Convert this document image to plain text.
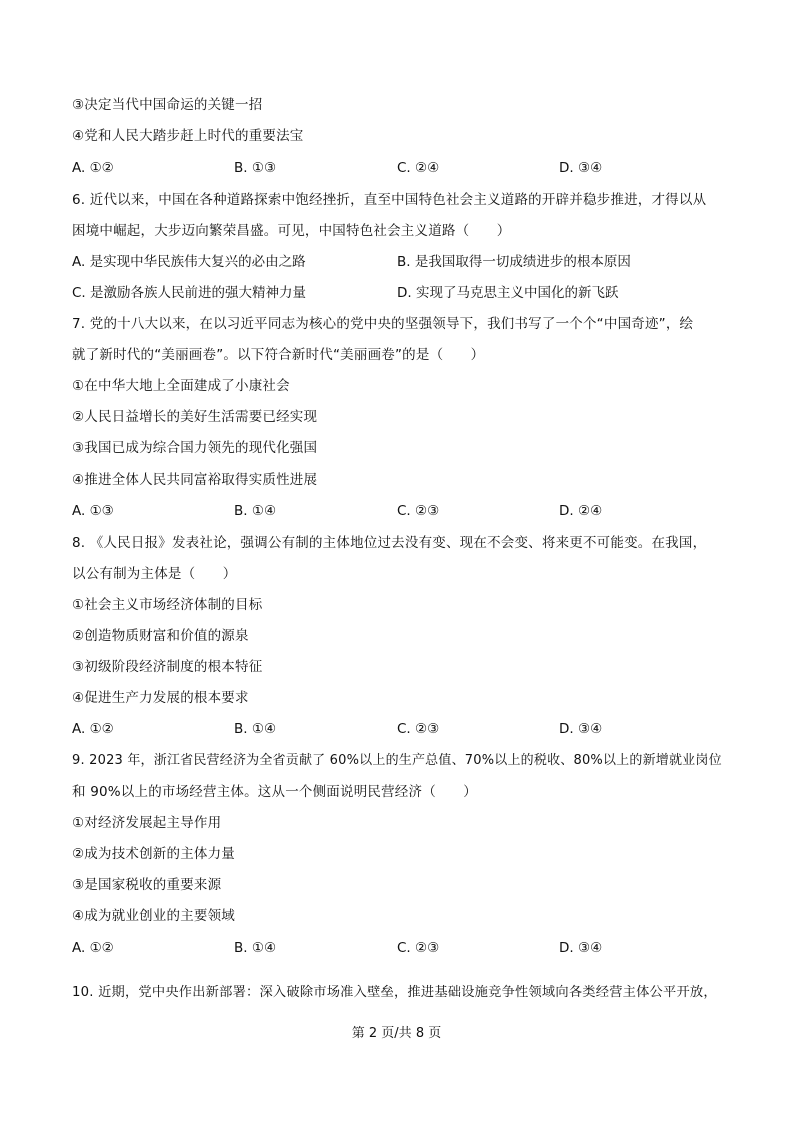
③决定当代中国命运的关键一招
④党和人民大踏步赶上时代的重要法宝
A. ①②	B. ①③	C. ②④	D. ③④
6. 近代以来，中国在各种道路探索中饱经挫折，直至中国特色社会主义道路的开辟并稳步推进，才得以从
困境中崛起，大步迈向繁荣昌盛。可见，中国特色社会主义道路（　　）
A. 是实现中华民族伟大复兴的必由之路	B. 是我国取得一切成绩进步的根本原因
C. 是激励各族人民前进的强大精神力量	D. 实现了马克思主义中国化的新飞跃
7. 党的十八大以来，在以习近平同志为核心的党中央的坚强领导下，我们书写了一个个“中国奇迹”，绘
就了新时代的“美丽画卷”。以下符合新时代“美丽画卷”的是（　　）
①在中华大地上全面建成了小康社会
②人民日益增长的美好生活需要已经实现
③我国已成为综合国力领先的现代化强国
④推进全体人民共同富裕取得实质性进展
A. ①③	B. ①④	C. ②③	D. ②④
8. 《人民日报》发表社论，强调公有制的主体地位过去没有变、现在不会变、将来更不可能变。在我国，
以公有制为主体是（　　）
①社会主义市场经济体制的目标
②创造物质财富和价值的源泉
③初级阶段经济制度的根本特征
④促进生产力发展的根本要求
A. ①②	B. ①④	C. ②③	D. ③④
9. 2023 年，浙江省民营经济为全省贡献了 60%以上的生产总值、70%以上的税收、80%以上的新增就业岗位
和 90%以上的市场经营主体。这从一个侧面说明民营经济（　　）
①对经济发展起主导作用
②成为技术创新的主体力量
③是国家税收的重要来源
④成为就业创业的主要领域
A. ①②	B. ①④	C. ②③	D. ③④
10. 近期，党中央作出新部署：深入破除市场准入壁垒，推进基础设施竞争性领域向各类经营主体公平开放，
第 2 页/共 8 页
